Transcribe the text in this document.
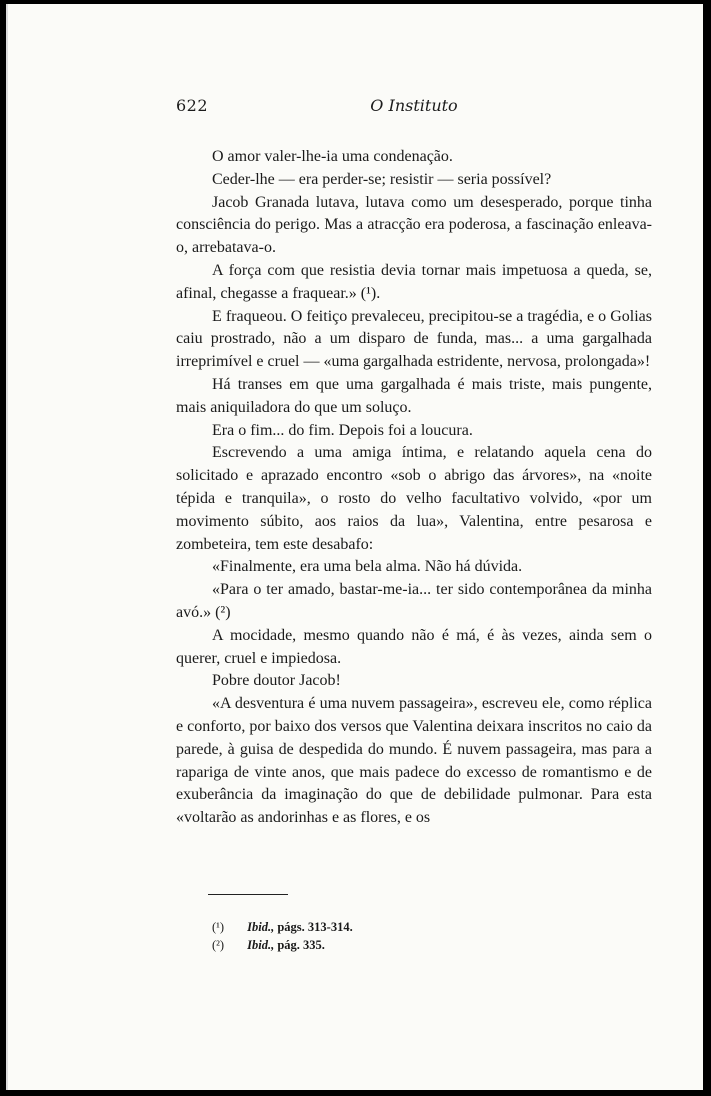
622	O Instituto

O amor valer-lhe-ia uma condenação.

Ceder-lhe — era perder-se; resistir — seria possível?

Jacob Granada lutava, lutava como um desesperado, porque tinha consciência do perigo. Mas a atracção era poderosa, a fascinação enleava-o, arrebatava-o.

A força com que resistia devia tornar mais impetuosa a queda, se, afinal, chegasse a fraquear.» (¹).

E fraqueou. O feitiço prevaleceu, precipitou-se a tragédia, e o Golias caiu prostrado, não a um disparo de funda, mas... a uma gargalhada irreprimível e cruel — «uma gargalhada estridente, nervosa, prolongada»!

Há transes em que uma gargalhada é mais triste, mais pungente, mais aniquiladora do que um soluço.

Era o fim... do fim. Depois foi a loucura.

Escrevendo a uma amiga íntima, e relatando aquela cena do solicitado e aprazado encontro «sob o abrigo das árvores», na «noite tépida e tranquila», o rosto do velho facultativo volvido, «por um movimento súbito, aos raios da lua», Valentina, entre pesarosa e zombeteira, tem este desabafo:

«Finalmente, era uma bela alma. Não há dúvida.

«Para o ter amado, bastar-me-ia... ter sido contemporânea da minha avó.» (²)

A mocidade, mesmo quando não é má, é às vezes, ainda sem o querer, cruel e impiedosa.

Pobre doutor Jacob!

«A desventura é uma nuvem passageira», escreveu ele, como réplica e conforto, por baixo dos versos que Valentina deixara inscritos no caio da parede, à guisa de despedida do mundo. É nuvem passageira, mas para a rapariga de vinte anos, que mais padece do excesso de romantismo e de exuberância da imaginação do que de debilidade pulmonar. Para esta «voltarão as andorinhas e as flores, e os

(¹) Ibid., págs. 313-314.
(²) Ibid., pág. 335.
